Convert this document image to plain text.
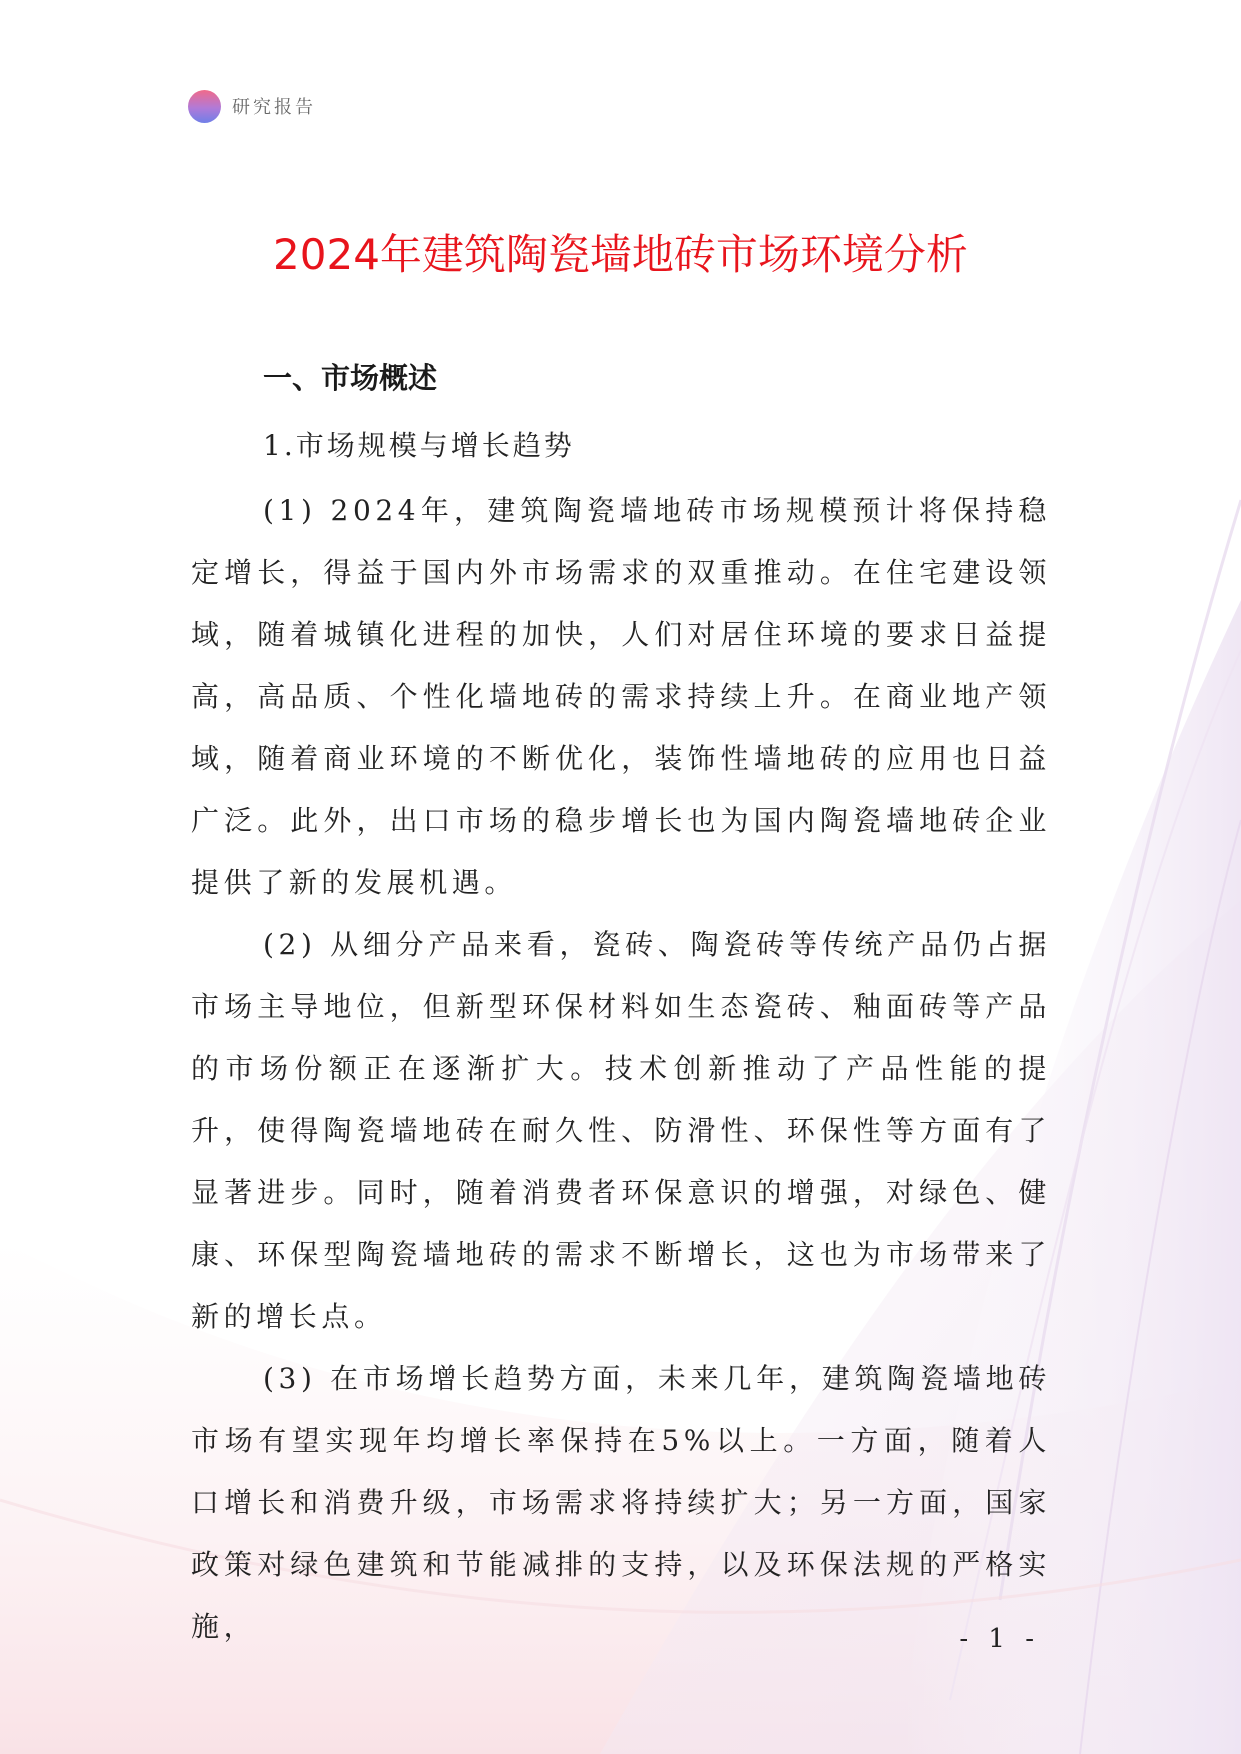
研究报告
2024年建筑陶瓷墙地砖市场环境分析
一、市场概述
1.市场规模与增长趋势

(1) 2024年，建筑陶瓷墙地砖市场规模预计将保持稳定增长，得益于国内外市场需求的双重推动。在住宅建设领域，随着城镇化进程的加快，人们对居住环境的要求日益提高，高品质、个性化墙地砖的需求持续上升。在商业地产领域，随着商业环境的不断优化，装饰性墙地砖的应用也日益广泛。此外，出口市场的稳步增长也为国内陶瓷墙地砖企业提供了新的发展机遇。

(2) 从细分产品来看，瓷砖、陶瓷砖等传统产品仍占据市场主导地位，但新型环保材料如生态瓷砖、釉面砖等产品的市场份额正在逐渐扩大。技术创新推动了产品性能的提升，使得陶瓷墙地砖在耐久性、防滑性、环保性等方面有了显著进步。同时，随着消费者环保意识的增强，对绿色、健康、环保型陶瓷墙地砖的需求不断增长，这也为市场带来了新的增长点。

(3) 在市场增长趋势方面，未来几年，建筑陶瓷墙地砖市场有望实现年均增长率保持在5%以上。一方面，随着人口增长和消费升级，市场需求将持续扩大；另一方面，国家政策对绿色建筑和节能减排的支持，以及环保法规的严格实施，	- 1 -
